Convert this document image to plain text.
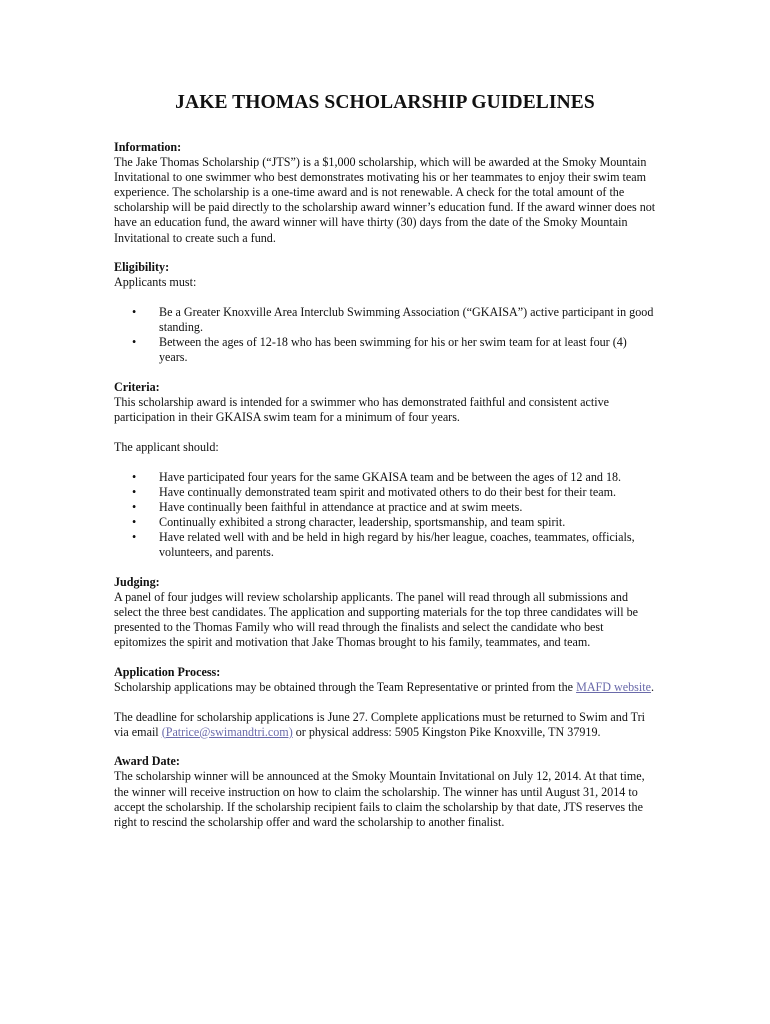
JAKE THOMAS SCHOLARSHIP GUIDELINES

Information:

The Jake Thomas Scholarship (“JTS”) is a $1,000 scholarship, which will be awarded at the Smoky Mountain Invitational to one swimmer who best demonstrates motivating his or her teammates to enjoy their swim team experience. The scholarship is a one-time award and is not renewable. A check for the total amount of the scholarship will be paid directly to the scholarship award winner’s education fund. If the award winner does not have an education fund, the award winner will have thirty (30) days from the date of the Smoky Mountain Invitational to create such a fund.

Eligibility:

Applicants must:

• Be a Greater Knoxville Area Interclub Swimming Association (“GKAISA”) active participant in good standing.
• Between the ages of 12-18 who has been swimming for his or her swim team for at least four (4) years.

Criteria:

This scholarship award is intended for a swimmer who has demonstrated faithful and consistent active participation in their GKAISA swim team for a minimum of four years.

The applicant should:

• Have participated four years for the same GKAISA team and be between the ages of 12 and 18.
• Have continually demonstrated team spirit and motivated others to do their best for their team.
• Have continually been faithful in attendance at practice and at swim meets.
• Continually exhibited a strong character, leadership, sportsmanship, and team spirit.
• Have related well with and be held in high regard by his/her league, coaches, teammates, officials, volunteers, and parents.

Judging:

A panel of four judges will review scholarship applicants. The panel will read through all submissions and select the three best candidates. The application and supporting materials for the top three candidates will be presented to the Thomas Family who will read through the finalists and select the candidate who best epitomizes the spirit and motivation that Jake Thomas brought to his family, teammates, and team.

Application Process:

Scholarship applications may be obtained through the Team Representative or printed from the MAFD website.

The deadline for scholarship applications is June 27. Complete applications must be returned to Swim and Tri via email (Patrice@swimandtri.com) or physical address: 5905 Kingston Pike Knoxville, TN 37919.

Award Date:

The scholarship winner will be announced at the Smoky Mountain Invitational on July 12, 2014. At that time, the winner will receive instruction on how to claim the scholarship. The winner has until August 31, 2014 to accept the scholarship. If the scholarship recipient fails to claim the scholarship by that date, JTS reserves the right to rescind the scholarship offer and ward the scholarship to another finalist.
